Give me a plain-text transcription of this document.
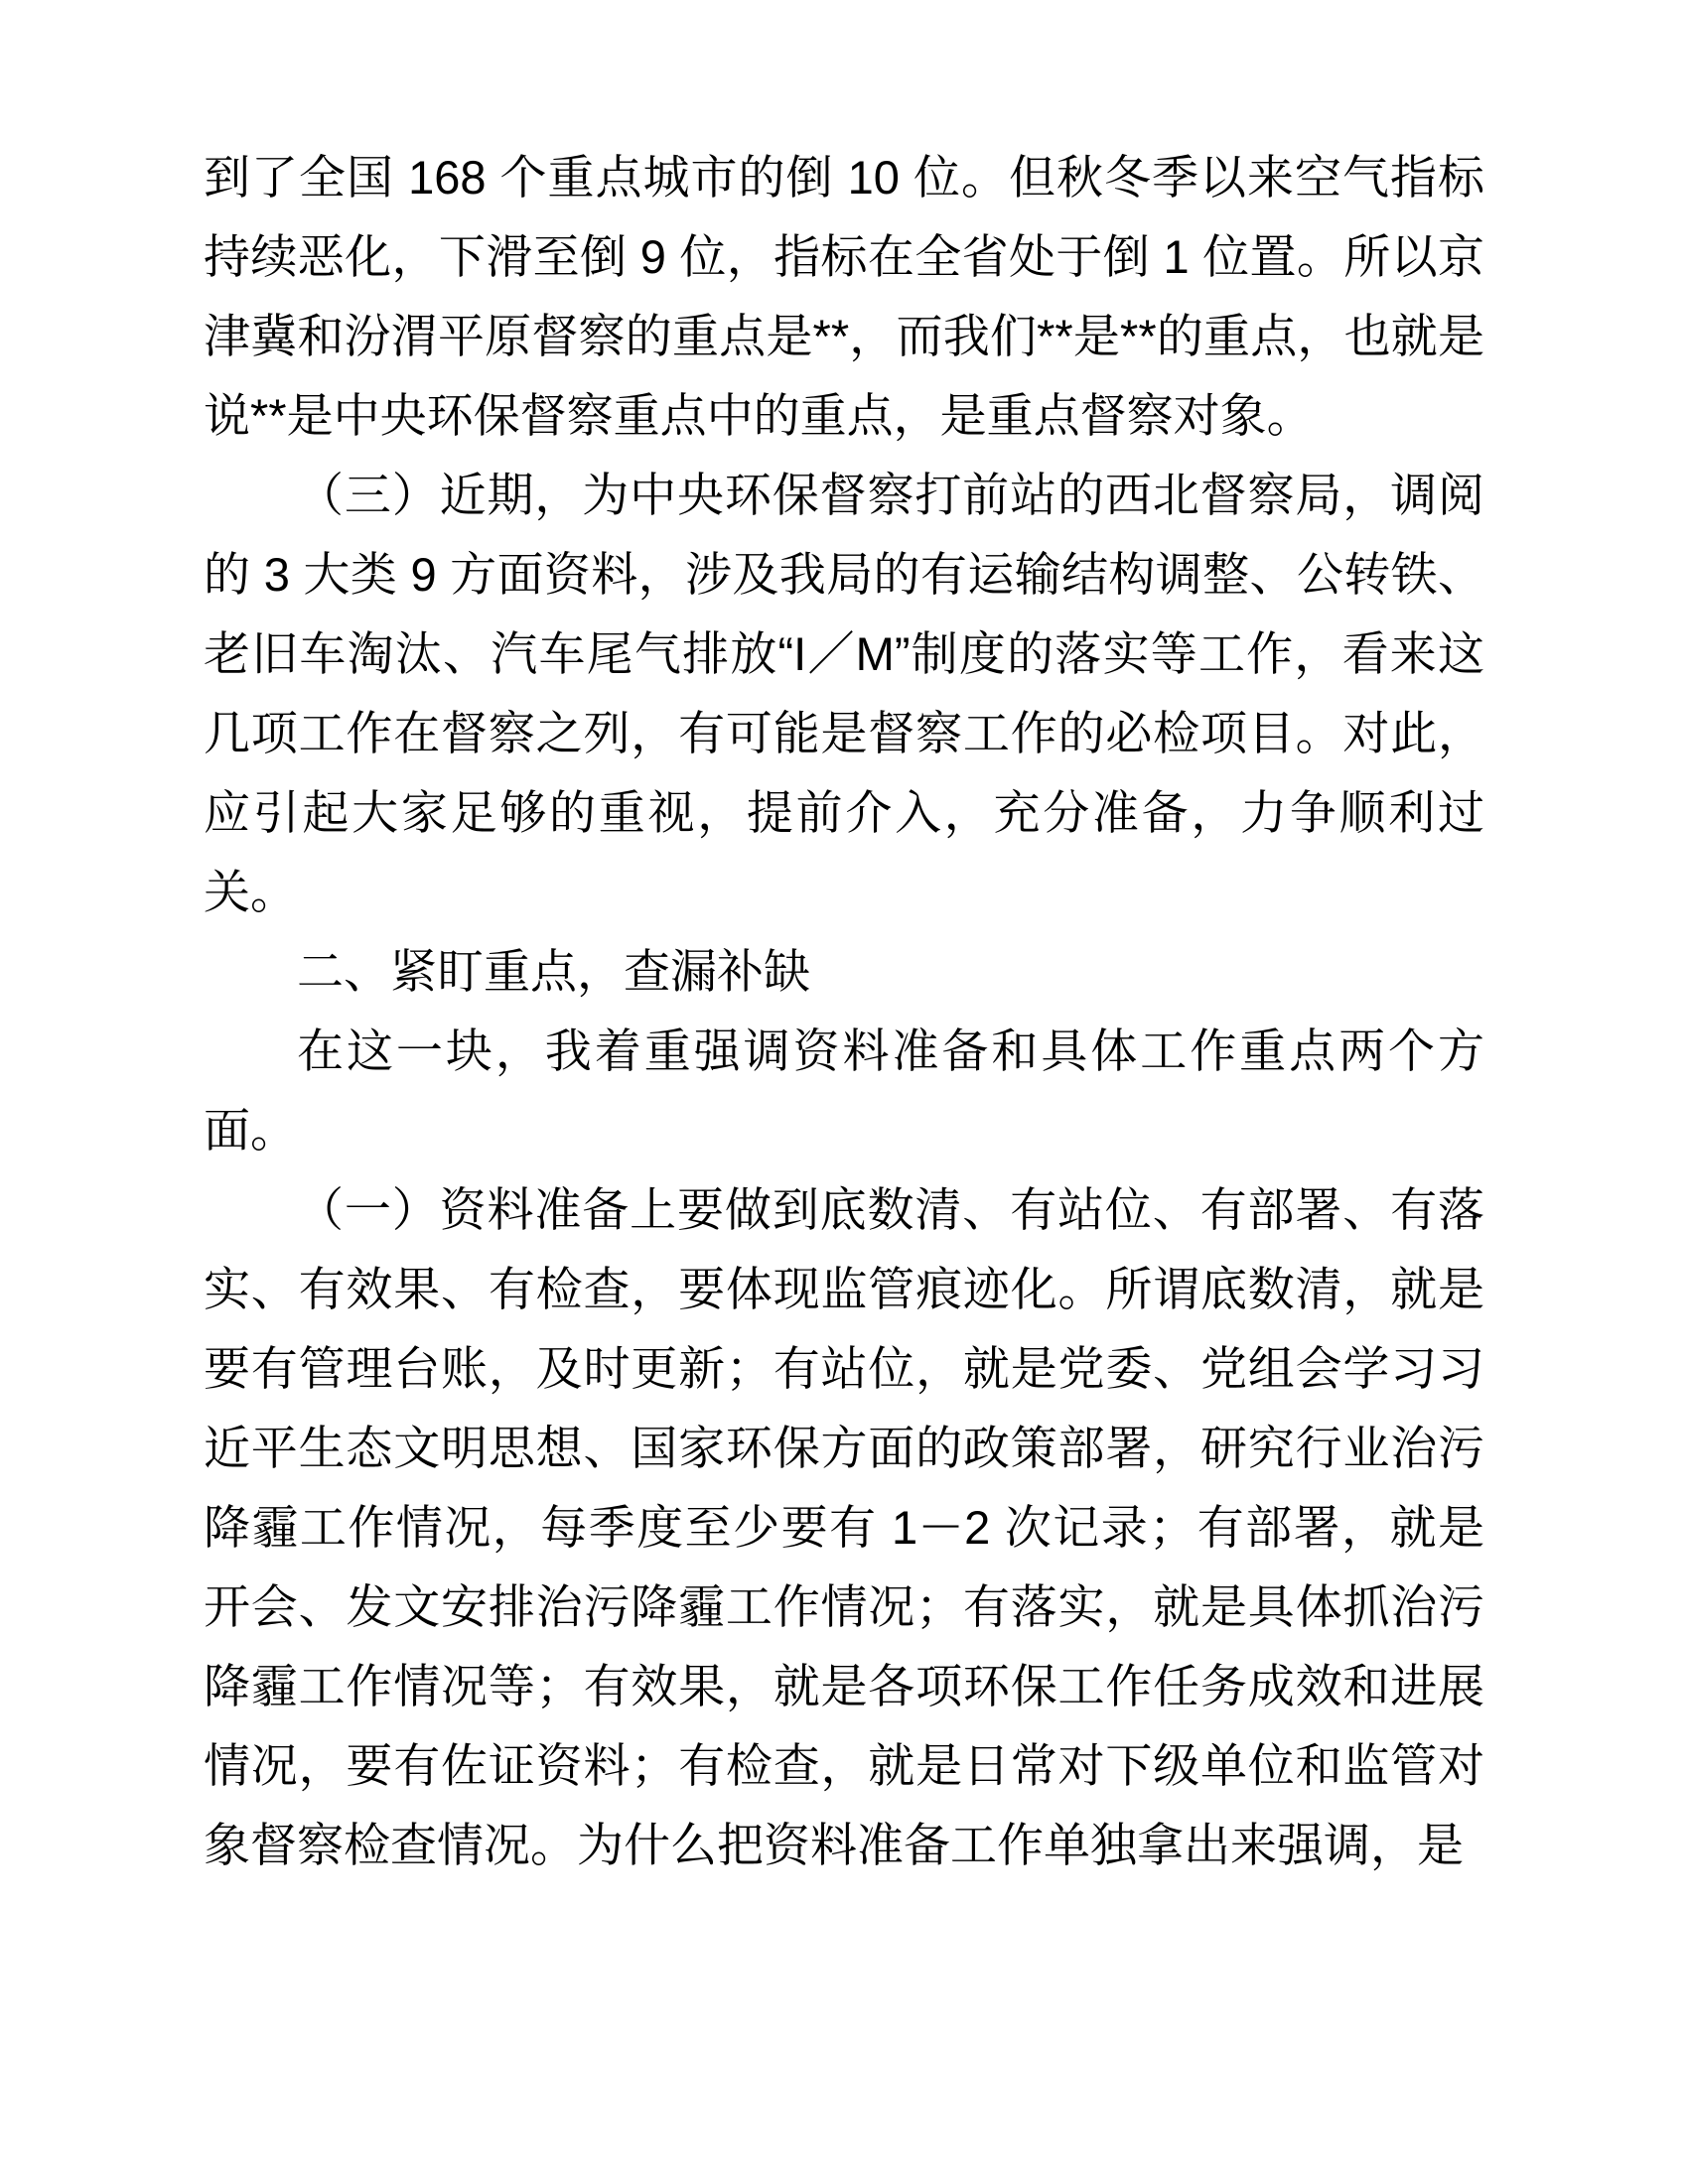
到了全国 168 个重点城市的倒 10 位。但秋冬季以来空气指标持续恶化，下滑至倒 9 位，指标在全省处于倒 1 位置。所以京津冀和汾渭平原督察的重点是**，而我们**是**的重点，也就是说**是中央环保督察重点中的重点，是重点督察对象。

（三）近期，为中央环保督察打前站的西北督察局，调阅的 3 大类 9 方面资料，涉及我局的有运输结构调整、公转铁、老旧车淘汰、汽车尾气排放“I／M”制度的落实等工作，看来这几项工作在督察之列，有可能是督察工作的必检项目。对此，应引起大家足够的重视，提前介入，充分准备，力争顺利过关。

二、紧盯重点，查漏补缺

在这一块，我着重强调资料准备和具体工作重点两个方面。

（一）资料准备上要做到底数清、有站位、有部署、有落实、有效果、有检查，要体现监管痕迹化。所谓底数清，就是要有管理台账，及时更新；有站位，就是党委、党组会学习习近平生态文明思想、国家环保方面的政策部署，研究行业治污降霾工作情况，每季度至少要有 1－2 次记录；有部署，就是开会、发文安排治污降霾工作情况；有落实，就是具体抓治污降霾工作情况等；有效果，就是各项环保工作任务成效和进展情况，要有佐证资料；有检查，就是日常对下级单位和监管对象督察检查情况。为什么把资料准备工作单独拿出来强调，是
